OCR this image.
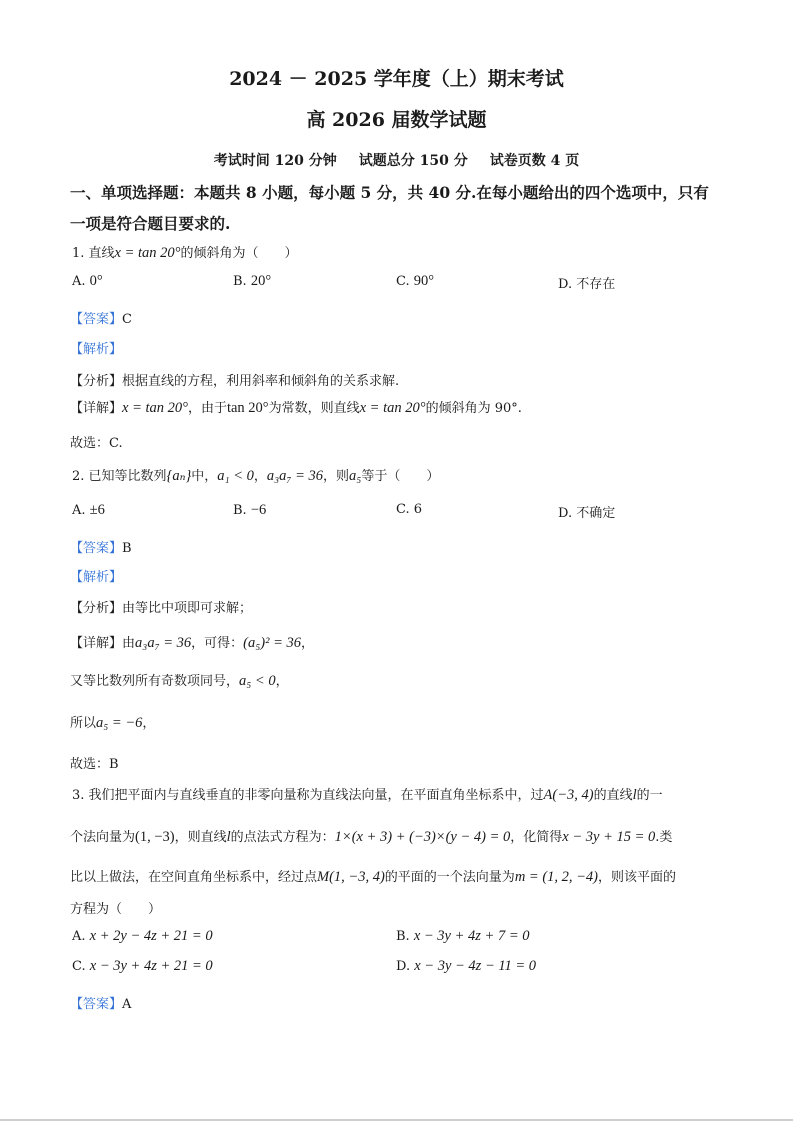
2024 － 2025 学年度（上）期末考试
高 2026 届数学试题
考试时间 120 分钟 试题总分 150 分 试卷页数 4 页
一、单项选择题：本题共 8 小题，每小题 5 分，共 40 分.在每小题给出的四个选项中，只有
一项是符合题目要求的.
1. 直线x = tan 20°的倾斜角为（　　）
A. 0°	B. 20°	C. 90°	D. 不存在
【答案】C
【解析】
【分析】根据直线的方程，利用斜率和倾斜角的关系求解.
【详解】x = tan 20°，由于tan 20°为常数，则直线x = tan 20°的倾斜角为 90°.
故选：C.
2. 已知等比数列{aₙ}中，a₁ < 0，a₃a₇ = 36，则a₅等于（　　）
A. ±6	B. −6	C. 6	D. 不确定
【答案】B
【解析】
【分析】由等比中项即可求解；
【详解】由a₃a₇ = 36，可得：(a₅)² = 36，
又等比数列所有奇数项同号，a₅ < 0，
所以a₅ = −6，
故选：B
3. 我们把平面内与直线垂直的非零向量称为直线法向量，在平面直角坐标系中，过A(−3, 4)的直线l的一
个法向量为(1, −3)，则直线l的点法式方程为：1×(x + 3) + (−3)×(y − 4) = 0，化简得x − 3y + 15 = 0.类
比以上做法，在空间直角坐标系中，经过点M(1, −3, 4)的平面的一个法向量为m = (1, 2, −4)，则该平面的
方程为（　　）
A. x + 2y − 4z + 21 = 0	B. x − 3y + 4z + 7 = 0
C. x − 3y + 4z + 21 = 0	D. x − 3y − 4z − 11 = 0
【答案】A
